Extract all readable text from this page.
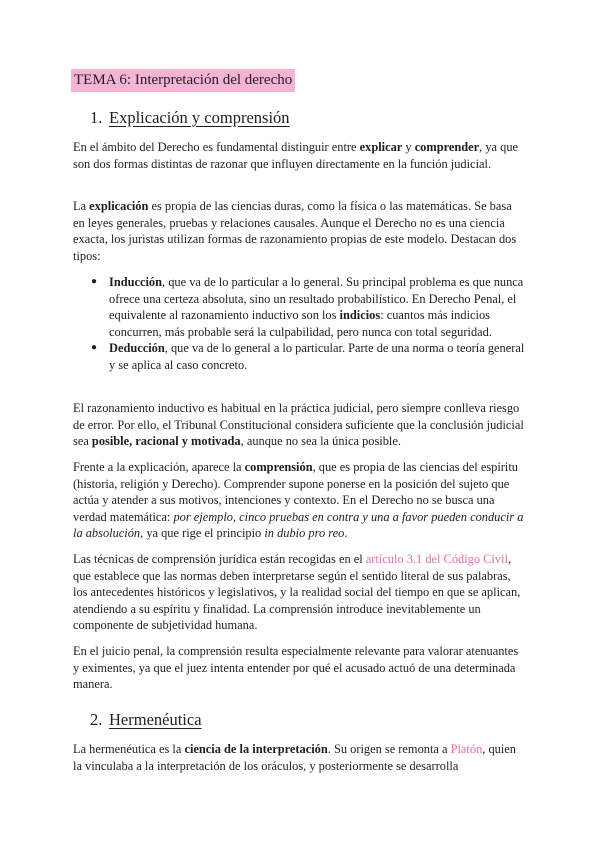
TEMA 6: Interpretación del derecho
1. Explicación y comprensión

En el ámbito del Derecho es fundamental distinguir entre explicar y comprender, ya que son dos formas distintas de razonar que influyen directamente en la función judicial.

La explicación es propia de las ciencias duras, como la física o las matemáticas. Se basa en leyes generales, pruebas y relaciones causales. Aunque el Derecho no es una ciencia exacta, los juristas utilizan formas de razonamiento propias de este modelo. Destacan dos tipos:

● Inducción, que va de lo particular a lo general. Su principal problema es que nunca ofrece una certeza absoluta, sino un resultado probabilístico. En Derecho Penal, el equivalente al razonamiento inductivo son los indicios: cuantos más indicios concurren, más probable será la culpabilidad, pero nunca con total seguridad.
● Deducción, que va de lo general a lo particular. Parte de una norma o teoría general y se aplica al caso concreto.

El razonamiento inductivo es habitual en la práctica judicial, pero siempre conlleva riesgo de error. Por ello, el Tribunal Constitucional considera suficiente que la conclusión judicial sea posible, racional y motivada, aunque no sea la única posible.

Frente a la explicación, aparece la comprensión, que es propia de las ciencias del espíritu (historia, religión y Derecho). Comprender supone ponerse en la posición del sujeto que actúa y atender a sus motivos, intenciones y contexto. En el Derecho no se busca una verdad matemática: por ejemplo, cinco pruebas en contra y una a favor pueden conducir a la absolución, ya que rige el principio in dubio pro reo.

Las técnicas de comprensión jurídica están recogidas en el artículo 3.1 del Código Civil, que establece que las normas deben interpretarse según el sentido literal de sus palabras, los antecedentes históricos y legislativos, y la realidad social del tiempo en que se aplican, atendiendo a su espíritu y finalidad. La comprensión introduce inevitablemente un componente de subjetividad humana.

En el juicio penal, la comprensión resulta especialmente relevante para valorar atenuantes y eximentes, ya que el juez intenta entender por qué el acusado actuó de una determinada manera.

2. Hermenéutica

La hermenéutica es la ciencia de la interpretación. Su origen se remonta a Platón, quien la vinculaba a la interpretación de los oráculos, y posteriormente se desarrolla
